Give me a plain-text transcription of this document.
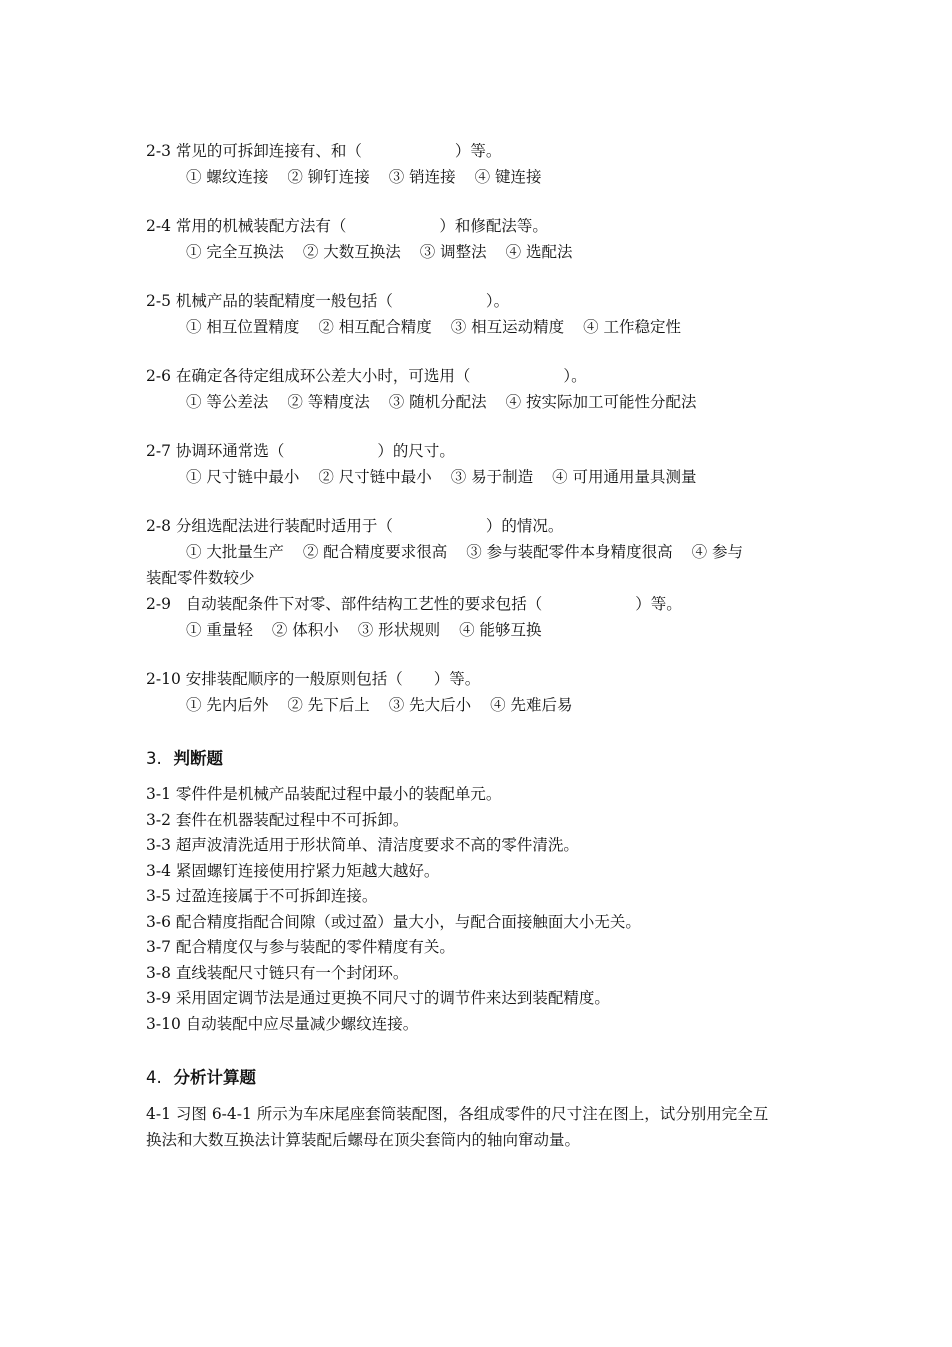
2-3 常见的可拆卸连接有、和（　　　　　　）等。
① 螺纹连接 ② 铆钉连接 ③ 销连接 ④ 键连接
2-4 常用的机械装配方法有（　　　　　　）和修配法等。
① 完全互换法 ② 大数互换法 ③ 调整法 ④ 选配法
2-5 机械产品的装配精度一般包括（　　　　　　）。
① 相互位置精度 ② 相互配合精度 ③ 相互运动精度 ④ 工作稳定性
2-6 在确定各待定组成环公差大小时，可选用（　　　　　　）。
① 等公差法 ② 等精度法 ③ 随机分配法 ④ 按实际加工可能性分配法
2-7 协调环通常选（　　　　　　）的尺寸。
① 尺寸链中最小 ② 尺寸链中最小 ③ 易于制造 ④ 可用通用量具测量
2-8 分组选配法进行装配时适用于（　　　　　　）的情况。
① 大批量生产 ② 配合精度要求很高 ③ 参与装配零件本身精度很高 ④ 参与
装配零件数较少
2-9 自动装配条件下对零、部件结构工艺性的要求包括（　　　　　　）等。
① 重量轻 ② 体积小 ③ 形状规则 ④ 能够互换
2-10 安排装配顺序的一般原则包括（　　）等。
① 先内后外 ② 先下后上 ③ 先大后小 ④ 先难后易
3. 判断题
3-1 零件件是机械产品装配过程中最小的装配单元。
3-2 套件在机器装配过程中不可拆卸。
3-3 超声波清洗适用于形状简单、清洁度要求不高的零件清洗。
3-4 紧固螺钉连接使用拧紧力矩越大越好。
3-5 过盈连接属于不可拆卸连接。
3-6 配合精度指配合间隙（或过盈）量大小，与配合面接触面大小无关。
3-7 配合精度仅与参与装配的零件精度有关。
3-8 直线装配尺寸链只有一个封闭环。
3-9 采用固定调节法是通过更换不同尺寸的调节件来达到装配精度。
3-10 自动装配中应尽量减少螺纹连接。
4. 分析计算题

4-1 习图 6-4-1 所示为车床尾座套筒装配图，各组成零件的尺寸注在图上，试分别用完全互

换法和大数互换法计算装配后螺母在顶尖套筒内的轴向窜动量。
